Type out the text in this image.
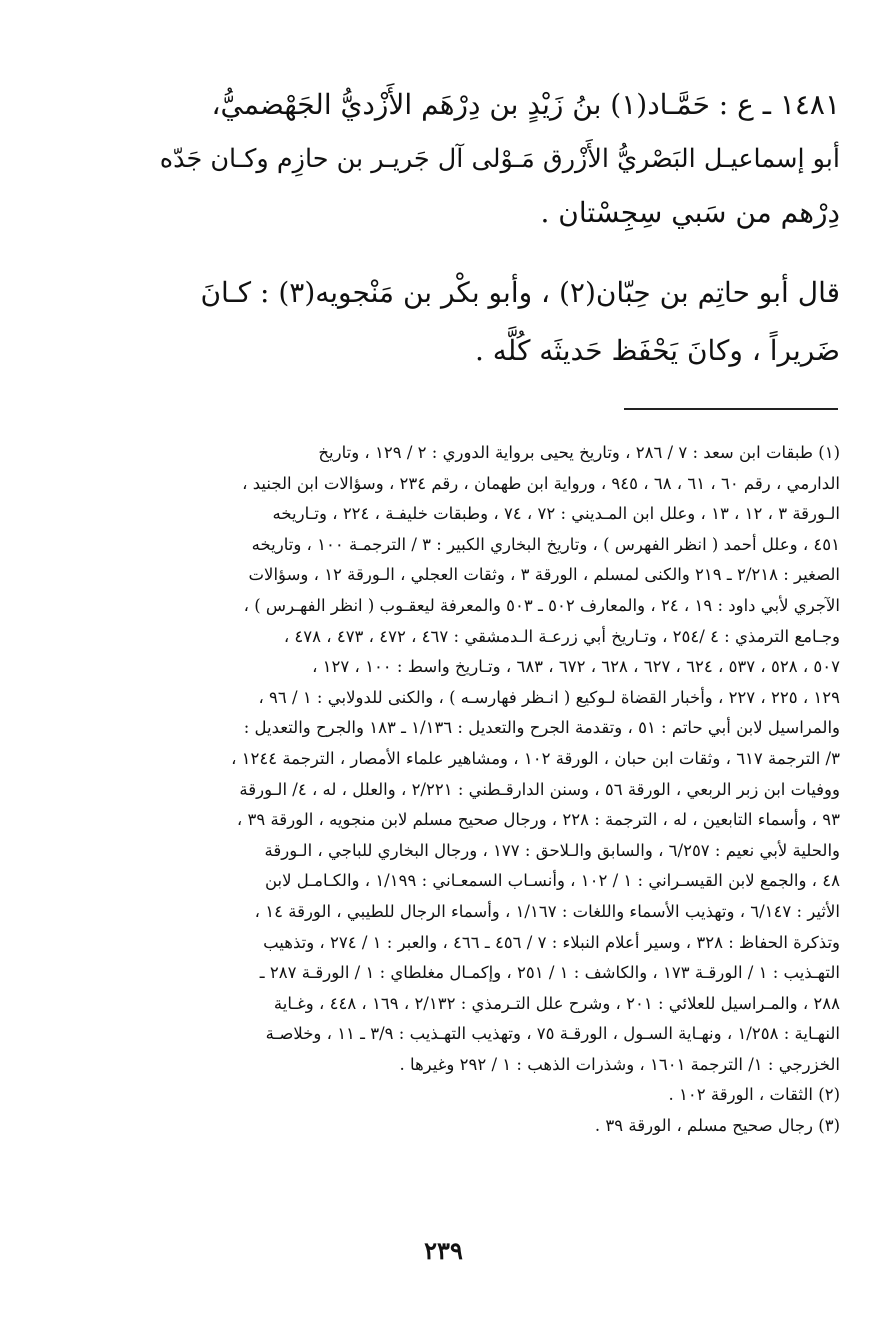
١٤٨١ ـ ع : حَمَّـاد(١) بنُ زَيْدٍ بن دِرْهَم الأَزْديُّ الجَهْضميُّ،
أبو إسماعيـل البَصْريُّ الأَزْرق مَـوْلى آل جَريـر بن حازِم وكـان جَدّه
دِرْهم من سَبي سِجِسْتان .
قال أبو حاتِم بن حِبّان(٢) ، وأبو بكْر بن مَنْجويه(٣) : كـانَ
ضَريراً ، وكانَ يَحْفَظ حَديثَه كُلَّه .
(١) طبقات ابن سعد : ٧ / ٢٨٦ ، وتاريخ يحيى برواية الدوري : ٢ / ١٢٩ ، وتاريخ
الدارمي ، رقم ٦٠ ، ٦١ ، ٦٨ ، ٩٤٥ ، ورواية ابن طهمان ، رقم ٢٣٤ ، وسؤالات ابن الجنيد ،
الـورقة ٣ ، ١٢ ، ١٣ ، وعلل ابن المـديني : ٧٢ ، ٧٤ ، وطبقات خليفـة ، ٢٢٤ ، وتـاريخه
٤٥١ ، وعلل أحمد ( انظر الفهرس ) ، وتاريخ البخاري الكبير : ٣ / الترجمـة ١٠٠ ، وتاريخه
الصغير : ٢/٢١٨ ـ ٢١٩ والكنى لمسلم ، الورقة ٣ ، وثقات العجلي ، الـورقة ١٢ ، وسؤالات
الآجري لأبي داود : ١٩ ، ٢٤ ، والمعارف ٥٠٢ ـ ٥٠٣ والمعرفة ليعقـوب ( انظر الفهـرس ) ،
وجـامع الترمذي : ٤ /٢٥٤ ، وتـاريخ أبي زرعـة الـدمشقي : ٤٦٧ ، ٤٧٢ ، ٤٧٣ ، ٤٧٨ ،
٥٠٧ ، ٥٢٨ ، ٥٣٧ ، ٦٢٤ ، ٦٢٧ ، ٦٢٨ ، ٦٧٢ ، ٦٨٣ ، وتـاريخ واسط : ١٠٠ ، ١٢٧ ،
١٢٩ ، ٢٢٥ ، ٢٢٧ ، وأخبار القضاة لـوكيع ( انـظر فهارسـه ) ، والكنى للدولابي : ١ / ٩٦ ،
والمراسيل لابن أبي حاتم : ٥١ ، وتقدمة الجرح والتعديل : ١/١٣٦ ـ ١٨٣ والجرح والتعديل :
٣/ الترجمة ٦١٧ ، وثقات ابن حبان ، الورقة ١٠٢ ، ومشاهير علماء الأمصار ، الترجمة ١٢٤٤ ،
ووفيات ابن زبر الربعي ، الورقة ٥٦ ، وسنن الدارقـطني : ٢/٢٢١ ، والعلل ، له ، ٤/ الـورقة
٩٣ ، وأسماء التابعين ، له ، الترجمة : ٢٢٨ ، ورجال صحيح مسلم لابن منجويه ، الورقة ٣٩ ،
والحلية لأبي نعيم : ٦/٢٥٧ ، والسابق والـلاحق : ١٧٧ ، ورجال البخاري للباجي ، الـورقة
٤٨ ، والجمع لابن القيسـراني : ١ / ١٠٢ ، وأنسـاب السمعـاني : ١/١٩٩ ، والكـامـل لابن
الأثير : ٦/١٤٧ ، وتهذيب الأسماء واللغات : ١/١٦٧ ، وأسماء الرجال للطيبي ، الورقة ١٤ ،
وتذكرة الحفاظ : ٣٢٨ ، وسير أعلام النبلاء : ٧ / ٤٥٦ ـ ٤٦٦ ، والعبر : ١ / ٢٧٤ ، وتذهيب
التهـذيب : ١ / الورقـة ١٧٣ ، والكاشف : ١ / ٢٥١ ، وإكمـال مغلطاي : ١ / الورقـة ٢٨٧ ـ
٢٨٨ ، والمـراسيل للعلائي : ٢٠١ ، وشرح علل التـرمذي : ٢/١٣٢ ، ١٦٩ ، ٤٤٨ ، وغـاية
النهـاية : ١/٢٥٨ ، ونهـاية السـول ، الورقـة ٧٥ ، وتهذيب التهـذيب : ٣/٩ ـ ١١ ، وخلاصـة
الخزرجي : ١/ الترجمة ١٦٠١ ، وشذرات الذهب : ١ / ٢٩٢ وغيرها .
(٢) الثقات ، الورقة ١٠٢ .
(٣) رجال صحيح مسلم ، الورقة ٣٩ .
٢٣٩
